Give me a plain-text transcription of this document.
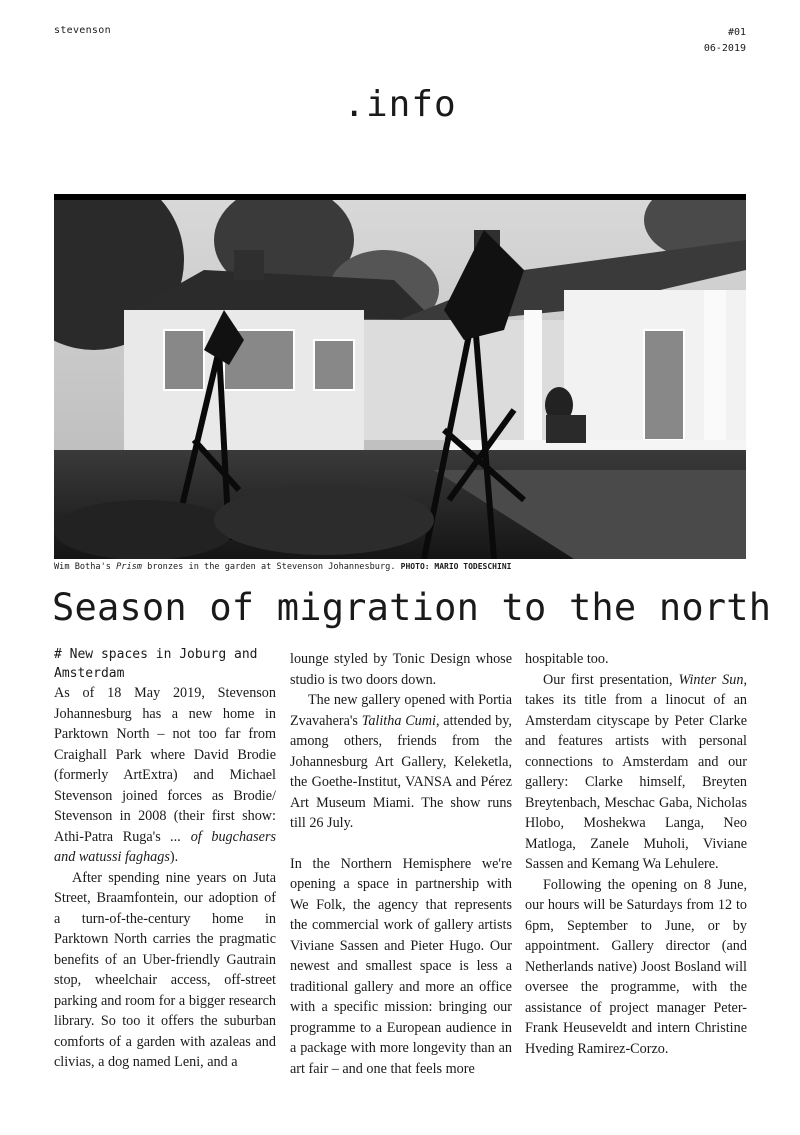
stevenson	#01
06-2019
.info
Wim Botha's Prism bronzes in the garden at Stevenson Johannesburg. PHOTO: MARIO TODESCHINI
Season of migration to the north

# New spaces in Joburg and Amsterdam

As of 18 May 2019, Stevenson Johannesburg has a new home in Parktown North – not too far from Craighall Park where David Brodie (formerly ArtExtra) and Michael Stevenson joined forces as Brodie/ Stevenson in 2008 (their first show: Athi-Patra Ruga's ... of bugchasers and watussi faghags).

After spending nine years on Juta Street, Braamfontein, our adoption of a turn-of-the-century home in Parktown North carries the pragmatic benefits of an Uber-friendly Gautrain stop, wheelchair access, off-street parking and room for a bigger research library. So too it offers the suburban comforts of a garden with azaleas and clivias, a dog named Leni, and a

lounge styled by Tonic Design whose studio is two doors down.

The new gallery opened with Portia Zvavahera's Talitha Cumi, attended by, among others, friends from the Johannesburg Art Gallery, Keleketla, the Goethe-Institut, VANSA and Pérez Art Museum Miami. The show runs till 26 July.

In the Northern Hemisphere we're opening a space in partnership with We Folk, the agency that represents the commercial work of gallery artists Viviane Sassen and Pieter Hugo. Our newest and smallest space is less a traditional gallery and more an office with a specific mission: bringing our programme to a European audience in a package with more longevity than an art fair – and one that feels more

hospitable too.

Our first presentation, Winter Sun, takes its title from a linocut of an Amsterdam cityscape by Peter Clarke and features artists with personal connections to Amsterdam and our gallery: Clarke himself, Breyten Breytenbach, Meschac Gaba, Nicholas Hlobo, Moshekwa Langa, Neo Matloga, Zanele Muholi, Viviane Sassen and Kemang Wa Lehulere.

Following the opening on 8 June, our hours will be Saturdays from 12 to 6pm, September to June, or by appointment. Gallery director (and Netherlands native) Joost Bosland will oversee the programme, with the assistance of project manager Peter-Frank Heuseveldt and intern Christine Hveding Ramirez-Corzo.
